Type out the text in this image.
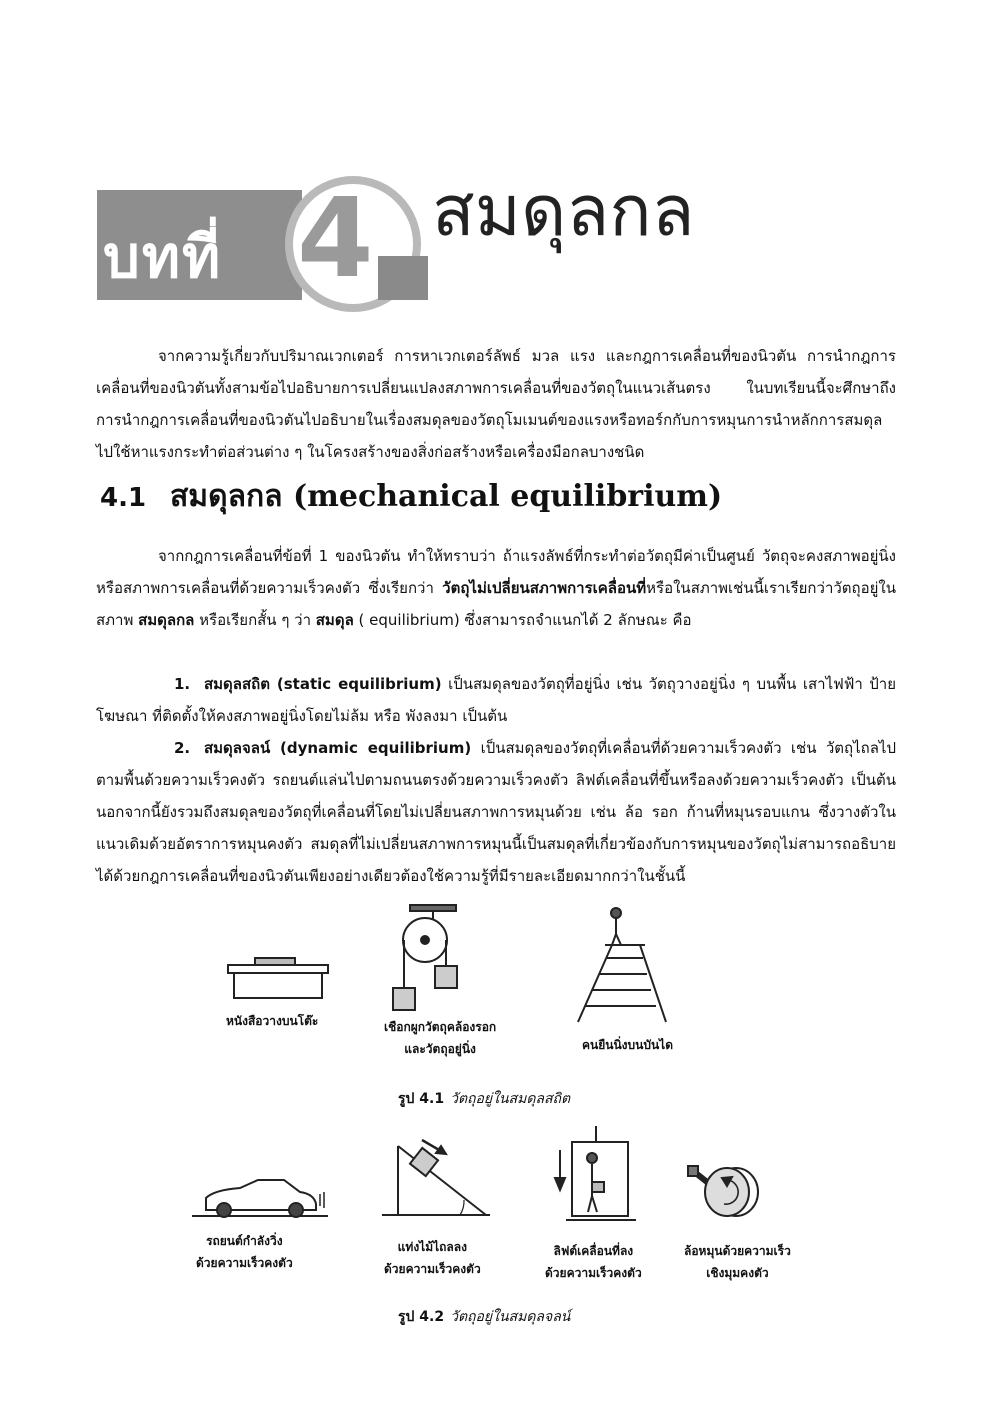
บทที่ 4 สมดุลกล

จากความรู้เกี่ยวกับปริมาณเวกเตอร์ การหาเวกเตอร์ลัพธ์ มวล แรง และกฎการเคลื่อนที่ของนิวตัน การนำกฎการเคลื่อนที่ของนิวตันทั้งสามข้อไปอธิบายการเปลี่ยนแปลงสภาพการเคลื่อนที่ของวัตถุในแนวเส้นตรง ในบทเรียนนี้จะศึกษาถึงการนำกฎการเคลื่อนที่ของนิวตันไปอธิบายในเรื่องสมดุลของวัตถุโมเมนต์ของแรงหรือทอร์กกับการหมุนการนำหลักการสมดุลไปใช้หาแรงกระทำต่อส่วนต่าง ๆ ในโครงสร้างของสิ่งก่อสร้างหรือเครื่องมือกลบางชนิด

4.1 สมดุลกล (mechanical equilibrium)

จากกฎการเคลื่อนที่ข้อที่ 1 ของนิวตัน ทำให้ทราบว่า ถ้าแรงลัพธ์ที่กระทำต่อวัตถุมีค่าเป็นศูนย์ วัตถุจะคงสภาพอยู่นิ่งหรือสภาพการเคลื่อนที่ด้วยความเร็วคงตัว ซึ่งเรียกว่า วัตถุไม่เปลี่ยนสภาพการเคลื่อนที่หรือในสภาพเช่นนี้เราเรียกว่าวัตถุอยู่ในสภาพ สมดุลกล หรือเรียกสั้น ๆ ว่า สมดุล ( equilibrium) ซึ่งสามารถจำแนกได้ 2 ลักษณะ คือ

1. สมดุลสถิต (static equilibrium) เป็นสมดุลของวัตถุที่อยู่นิ่ง เช่น วัตถุวางอยู่นิ่ง ๆ บนพื้น เสาไฟฟ้า ป้ายโฆษณา ที่ติดตั้งให้คงสภาพอยู่นิ่งโดยไม่ล้ม หรือ พังลงมา เป็นต้น

2. สมดุลจลน์ (dynamic equilibrium) เป็นสมดุลของวัตถุที่เคลื่อนที่ด้วยความเร็วคงตัว เช่น วัตถุไถลไปตามพื้นด้วยความเร็วคงตัว รถยนต์แล่นไปตามถนนตรงด้วยความเร็วคงตัว ลิฟต์เคลื่อนที่ขึ้นหรือลงด้วยความเร็วคงตัว เป็นต้น นอกจากนี้ยังรวมถึงสมดุลของวัตถุที่เคลื่อนที่โดยไม่เปลี่ยนสภาพการหมุนด้วย เช่น ล้อ รอก ก้านที่หมุนรอบแกน ซึ่งวางตัวในแนวเดิมด้วยอัตราการหมุนคงตัว สมดุลที่ไม่เปลี่ยนสภาพการหมุนนี้เป็นสมดุลที่เกี่ยวข้องกับการหมุนของวัตถุไม่สามารถอธิบายได้ด้วยกฎการเคลื่อนที่ของนิวตันเพียงอย่างเดียวต้องใช้ความรู้ที่มีรายละเอียดมากกว่าในชั้นนี้

หนังสือวางบนโต๊ะ	เชือกผูกวัตถุคล้องรอก
และวัตถุอยู่นิ่ง	คนยืนนิ่งบนบันได
รูป 4.1 วัตถุอยู่ในสมดุลสถิต
รถยนต์กำลังวิ่ง
ด้วยความเร็วคงตัว
แท่งไม้ไถลลง
ด้วยความเร็วคงตัว
ลิฟต์เคลื่อนที่ลง
ด้วยความเร็วคงตัว
ล้อหมุนด้วยความเร็ว
เชิงมุมคงตัว
รูป 4.2 วัตถุอยู่ในสมดุลจลน์
